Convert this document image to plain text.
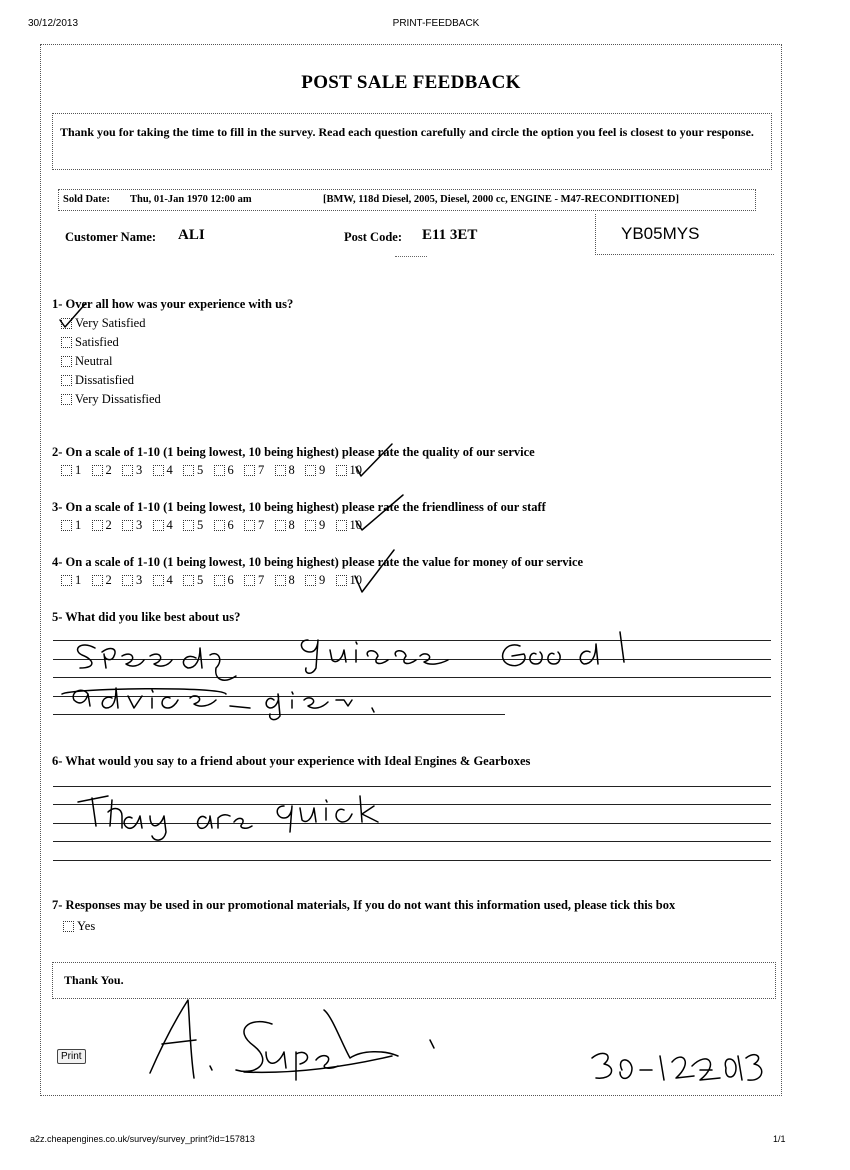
30/12/2013	PRINT-FEEDBACK
POST SALE FEEDBACK
Thank you for taking the time to fill in the survey. Read each question carefully and circle the option you feel is closest to your response.
Sold Date: Thu, 01-Jan 1970 12:00 am	[BMW, 118d Diesel, 2005, Diesel, 2000 cc, ENGINE - M47-RECONDITIONED]
Customer Name: ALI	Post Code: E11 3ET	YB05MYS
1- Over all how was your experience with us?
Very Satisfied
Satisfied
Neutral
Dissatisfied
Very Dissatisfied
2- On a scale of 1-10 (1 being lowest, 10 being highest) please rate the quality of our service
1 2 3 4 5 6 7 8 9 10
3- On a scale of 1-10 (1 being lowest, 10 being highest) please rate the friendliness of our staff
1 2 3 4 5 6 7 8 9 10
4- On a scale of 1-10 (1 being lowest, 10 being highest) please rate the value for money of our service
1 2 3 4 5 6 7 8 9 10
5- What did you like best about us?
6- What would you say to a friend about your experience with Ideal Engines & Gearboxes
7- Responses may be used in our promotional materials, If you do not want this information used, please tick this box
Yes
Thank You.
Print
a2z.cheapengines.co.uk/survey/survey_print?id=157813	1/1
